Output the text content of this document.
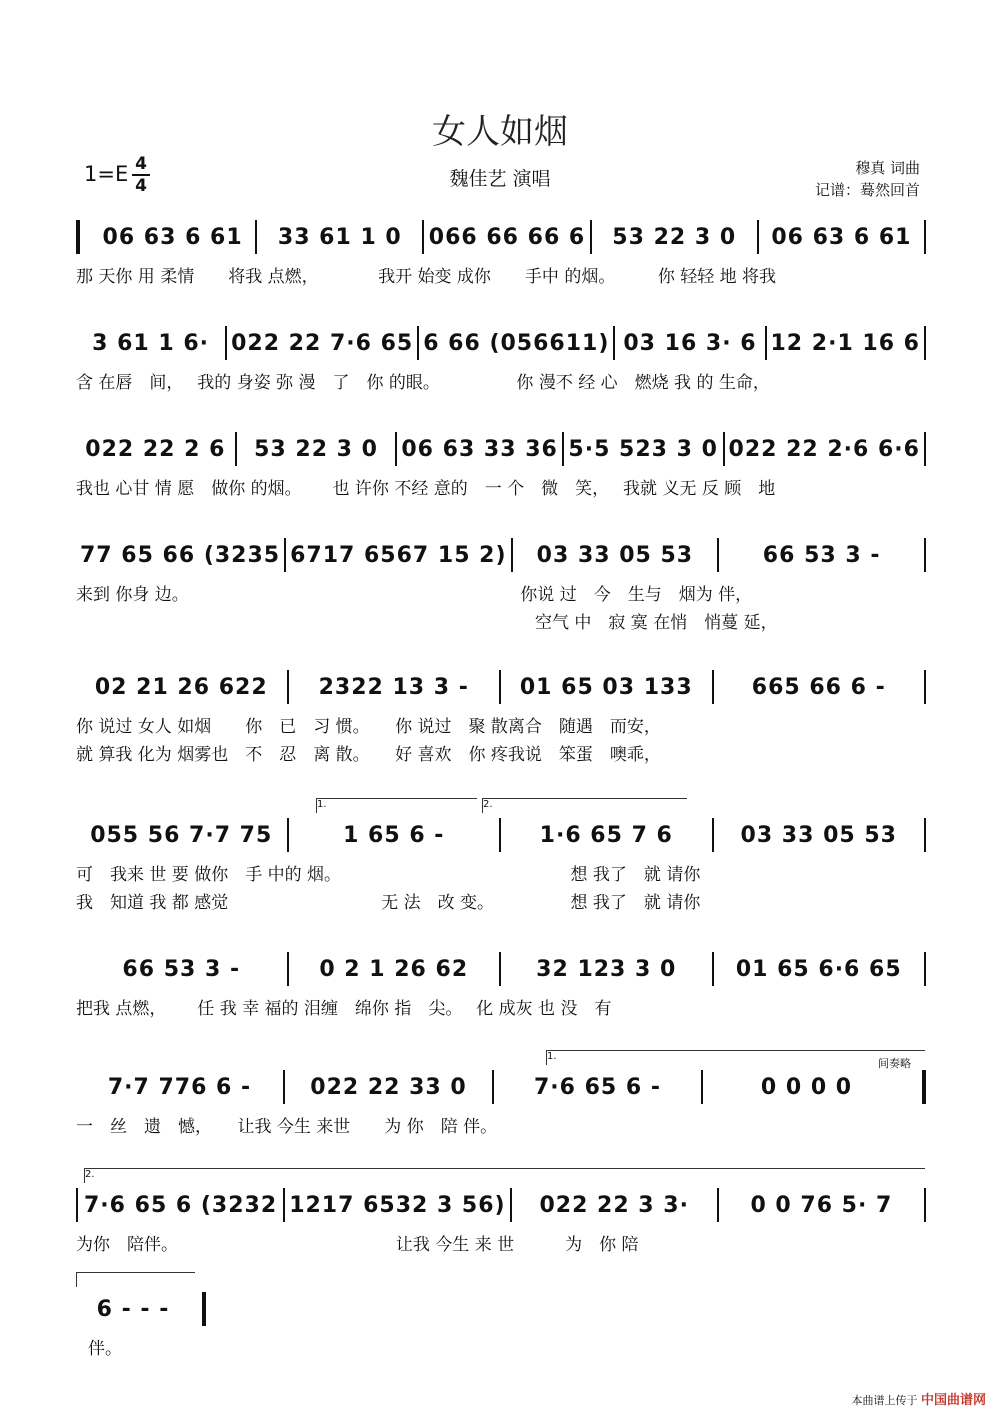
女人如烟
1=E 4
4	魏佳艺 演唱	穆真 词曲
记谱：蓦然回首
06 63 6 61	33 61 1 0	066 66 66 6	53 22 3 0	06 63 6 61
那 天你 用 柔情　　将我 点燃，　　　　我开 始变 成你　　手中 的烟。　　　你 轻轻 地 将我
3 61 1 6·	022 22 7·6 65 6 66 (056611) 03 16 3· 6 12 2·1 16 6
含 在唇　间，　 我的 身姿 弥 漫　了　你 的眼。　　　　　你 漫不 经 心　燃烧 我 的 生命，
022 22 2 6	53 22 3 0	06 63 33 36 5·5 523 3 0 022 22 2·6 6·6
我也 心甘 情 愿　做你 的烟。　　 也 许你 不经 意的　一 个　微　笑，　 我就 义无 反 顾　地
77 65 66 (3235 6717 6567 15 2)	03 33 05 53	66 53 3 -
来到 你身 边。　　　　　　　　　　　　　　　　　　　　你说 过　今　生与　烟为 伴，
　　　　　　　　　　　　　　　　　　　　　　　　　　　空气 中　寂 寞 在悄　悄蔓 延，
02 21 26 622	2322 13 3 -	01 65 03 133	665 66 6 -
你 说过 女人 如烟　　你　已　习 惯。　　你 说过　聚 散离合　随遇　而安，
就 算我 化为 烟雾也　不　忍　离 散。　　好 喜欢　你 疼我说　笨蛋　噢乖，
1.	2.
055 56 7·7 75	1 65 6 -	1·6 65 7 6	03 33 05 53
可　我来 世 要 做你　手 中的 烟。　　　　　　　　　　　　　　想 我了　就 请你
我　知道 我 都 感觉　　　　　　　　　无 法　改 变。　　　　　想 我了　就 请你
66 53 3 -	0 2 1 26 62	32 123 3 0	01 65 6·6 65
把我 点燃，　　 任 我 幸 福的 泪缠　绵你 指　尖。　 化 成灰 也 没　有
间奏略
1.
7·7 776 6 -	022 22 33 0	7·6 65 6 -	0 0 0 0
一　丝　遗　憾，　　让我 今生 来世　　为 你　陪 伴。
2.
7·6 65 6 (3232 1217 6532 3 56)	022 22 3 3·	0 0 76 5· 7
为你　陪伴。　　　　　　　　　　　　　 让我 今生 来 世　　　为　你 陪
6 - - -
伴。
本曲谱上传于 中国曲谱网
